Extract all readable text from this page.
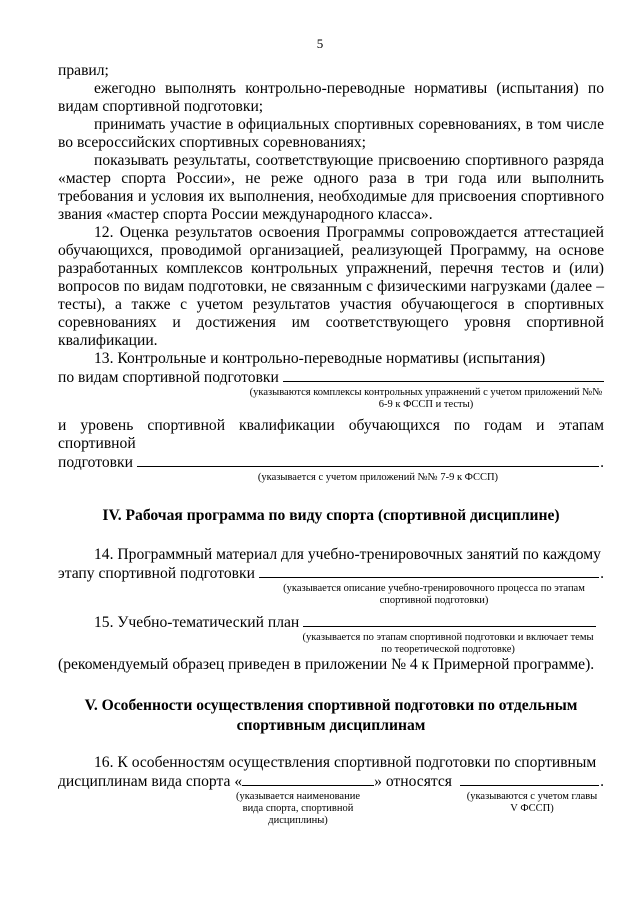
5

правил;

ежегодно выполнять контрольно-переводные нормативы (испытания) по видам спортивной подготовки;

принимать участие в официальных спортивных соревнованиях, в том числе во всероссийских спортивных соревнованиях;

показывать результаты, соответствующие присвоению спортивного разряда «мастер спорта России», не реже одного раза в три года или выполнить требования и условия их выполнения, необходимые для присвоения спортивного звания «мастер спорта России международного класса».

12. Оценка результатов освоения Программы сопровождается аттестацией обучающихся, проводимой организацией, реализующей Программу, на основе разработанных комплексов контрольных упражнений, перечня тестов и (или) вопросов по видам подготовки, не связанным с физическими нагрузками (далее – тесты), а также с учетом результатов участия обучающегося в спортивных соревнованиях и достижения им соответствующего уровня спортивной квалификации.

13. Контрольные и контрольно-переводные нормативы (испытания)

по видам спортивной подготовки
(указываются комплексы контрольных упражнений с учетом приложений №№ 6-9 к ФССП и тесты)

и уровень спортивной квалификации обучающихся по годам и этапам спортивной

подготовки	.
(указывается с учетом приложений №№ 7-9 к ФССП)

IV. Рабочая программа по виду спорта (спортивной дисциплине)

14. Программный материал для учебно-тренировочных занятий по каждому

этапу спортивной подготовки	.
(указывается описание учебно-тренировочного процесса по этапам спортивной подготовки)
15. Учебно-тематический план
(указывается по этапам спортивной подготовки и включает темы по теоретической подготовке)

(рекомендуемый образец приведен в приложении № 4 к Примерной программе).

V. Особенности осуществления спортивной подготовки по отдельным

спортивным дисциплинам

16. К особенностям осуществления спортивной подготовки по спортивным

дисциплинам вида спорта «	» относятся	.
(указывается наименование вида спорта, спортивной дисциплины)
(указываются с учетом главы V ФССП)
